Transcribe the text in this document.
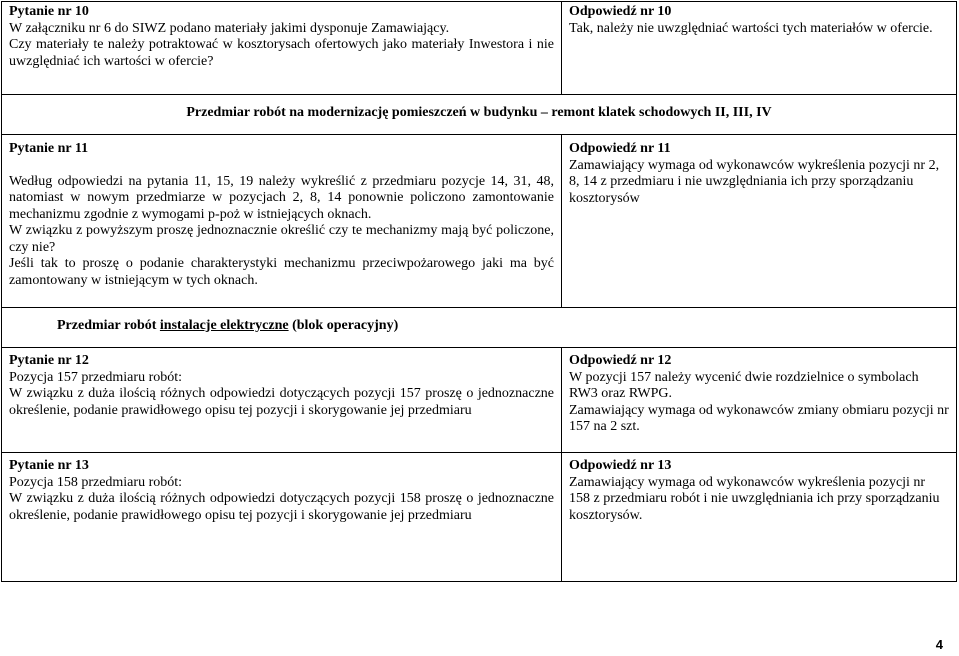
Pytanie nr 10
W załączniku nr 6 do SIWZ podano materiały jakimi dysponuje Zamawiający.
Czy materiały te należy potraktować w kosztorysach ofertowych jako materiały Inwestora i nie uwzględniać ich wartości w ofercie?
Odpowiedź nr 10
Tak, należy nie uwzględniać wartości tych materiałów w ofercie.
Przedmiar robót na modernizację pomieszczeń w budynku – remont klatek schodowych II, III, IV
Pytanie nr 11
Według odpowiedzi na pytania 11, 15, 19 należy wykreślić z przedmiaru pozycje 14, 31, 48, natomiast w nowym przedmiarze w pozycjach 2, 8, 14 ponownie policzono zamontowanie mechanizmu zgodnie z wymogami p-poż w istniejących oknach.
W związku z powyższym proszę jednoznacznie określić czy te mechanizmy mają być policzone, czy nie?
Jeśli tak to proszę o podanie charakterystyki mechanizmu przeciwpożarowego jaki ma być zamontowany w istniejącym w tych oknach.
Odpowiedź nr 11
Zamawiający wymaga od wykonawców wykreślenia pozycji nr 2, 8, 14 z przedmiaru i nie uwzględniania ich przy sporządzaniu kosztorysów
Przedmiar robót instalacje elektryczne (blok operacyjny)
Pytanie nr 12
Pozycja 157 przedmiaru robót:
W związku z duża ilością różnych odpowiedzi dotyczących pozycji 157 proszę o jednoznaczne określenie, podanie prawidłowego opisu tej pozycji i skorygowanie jej przedmiaru
Odpowiedź nr 12
W pozycji 157 należy wycenić dwie rozdzielnice o symbolach RW3 oraz RWPG.
Zamawiający wymaga od wykonawców zmiany obmiaru pozycji nr 157 na 2 szt.
Pytanie nr 13
Pozycja 158 przedmiaru robót:
W związku z duża ilością różnych odpowiedzi dotyczących pozycji 158 proszę o jednoznaczne określenie, podanie prawidłowego opisu tej pozycji i skorygowanie jej przedmiaru
Odpowiedź nr 13
Zamawiający wymaga od wykonawców wykreślenia pozycji nr 158 z przedmiaru robót i nie uwzględniania ich przy sporządzaniu kosztorysów.
4
